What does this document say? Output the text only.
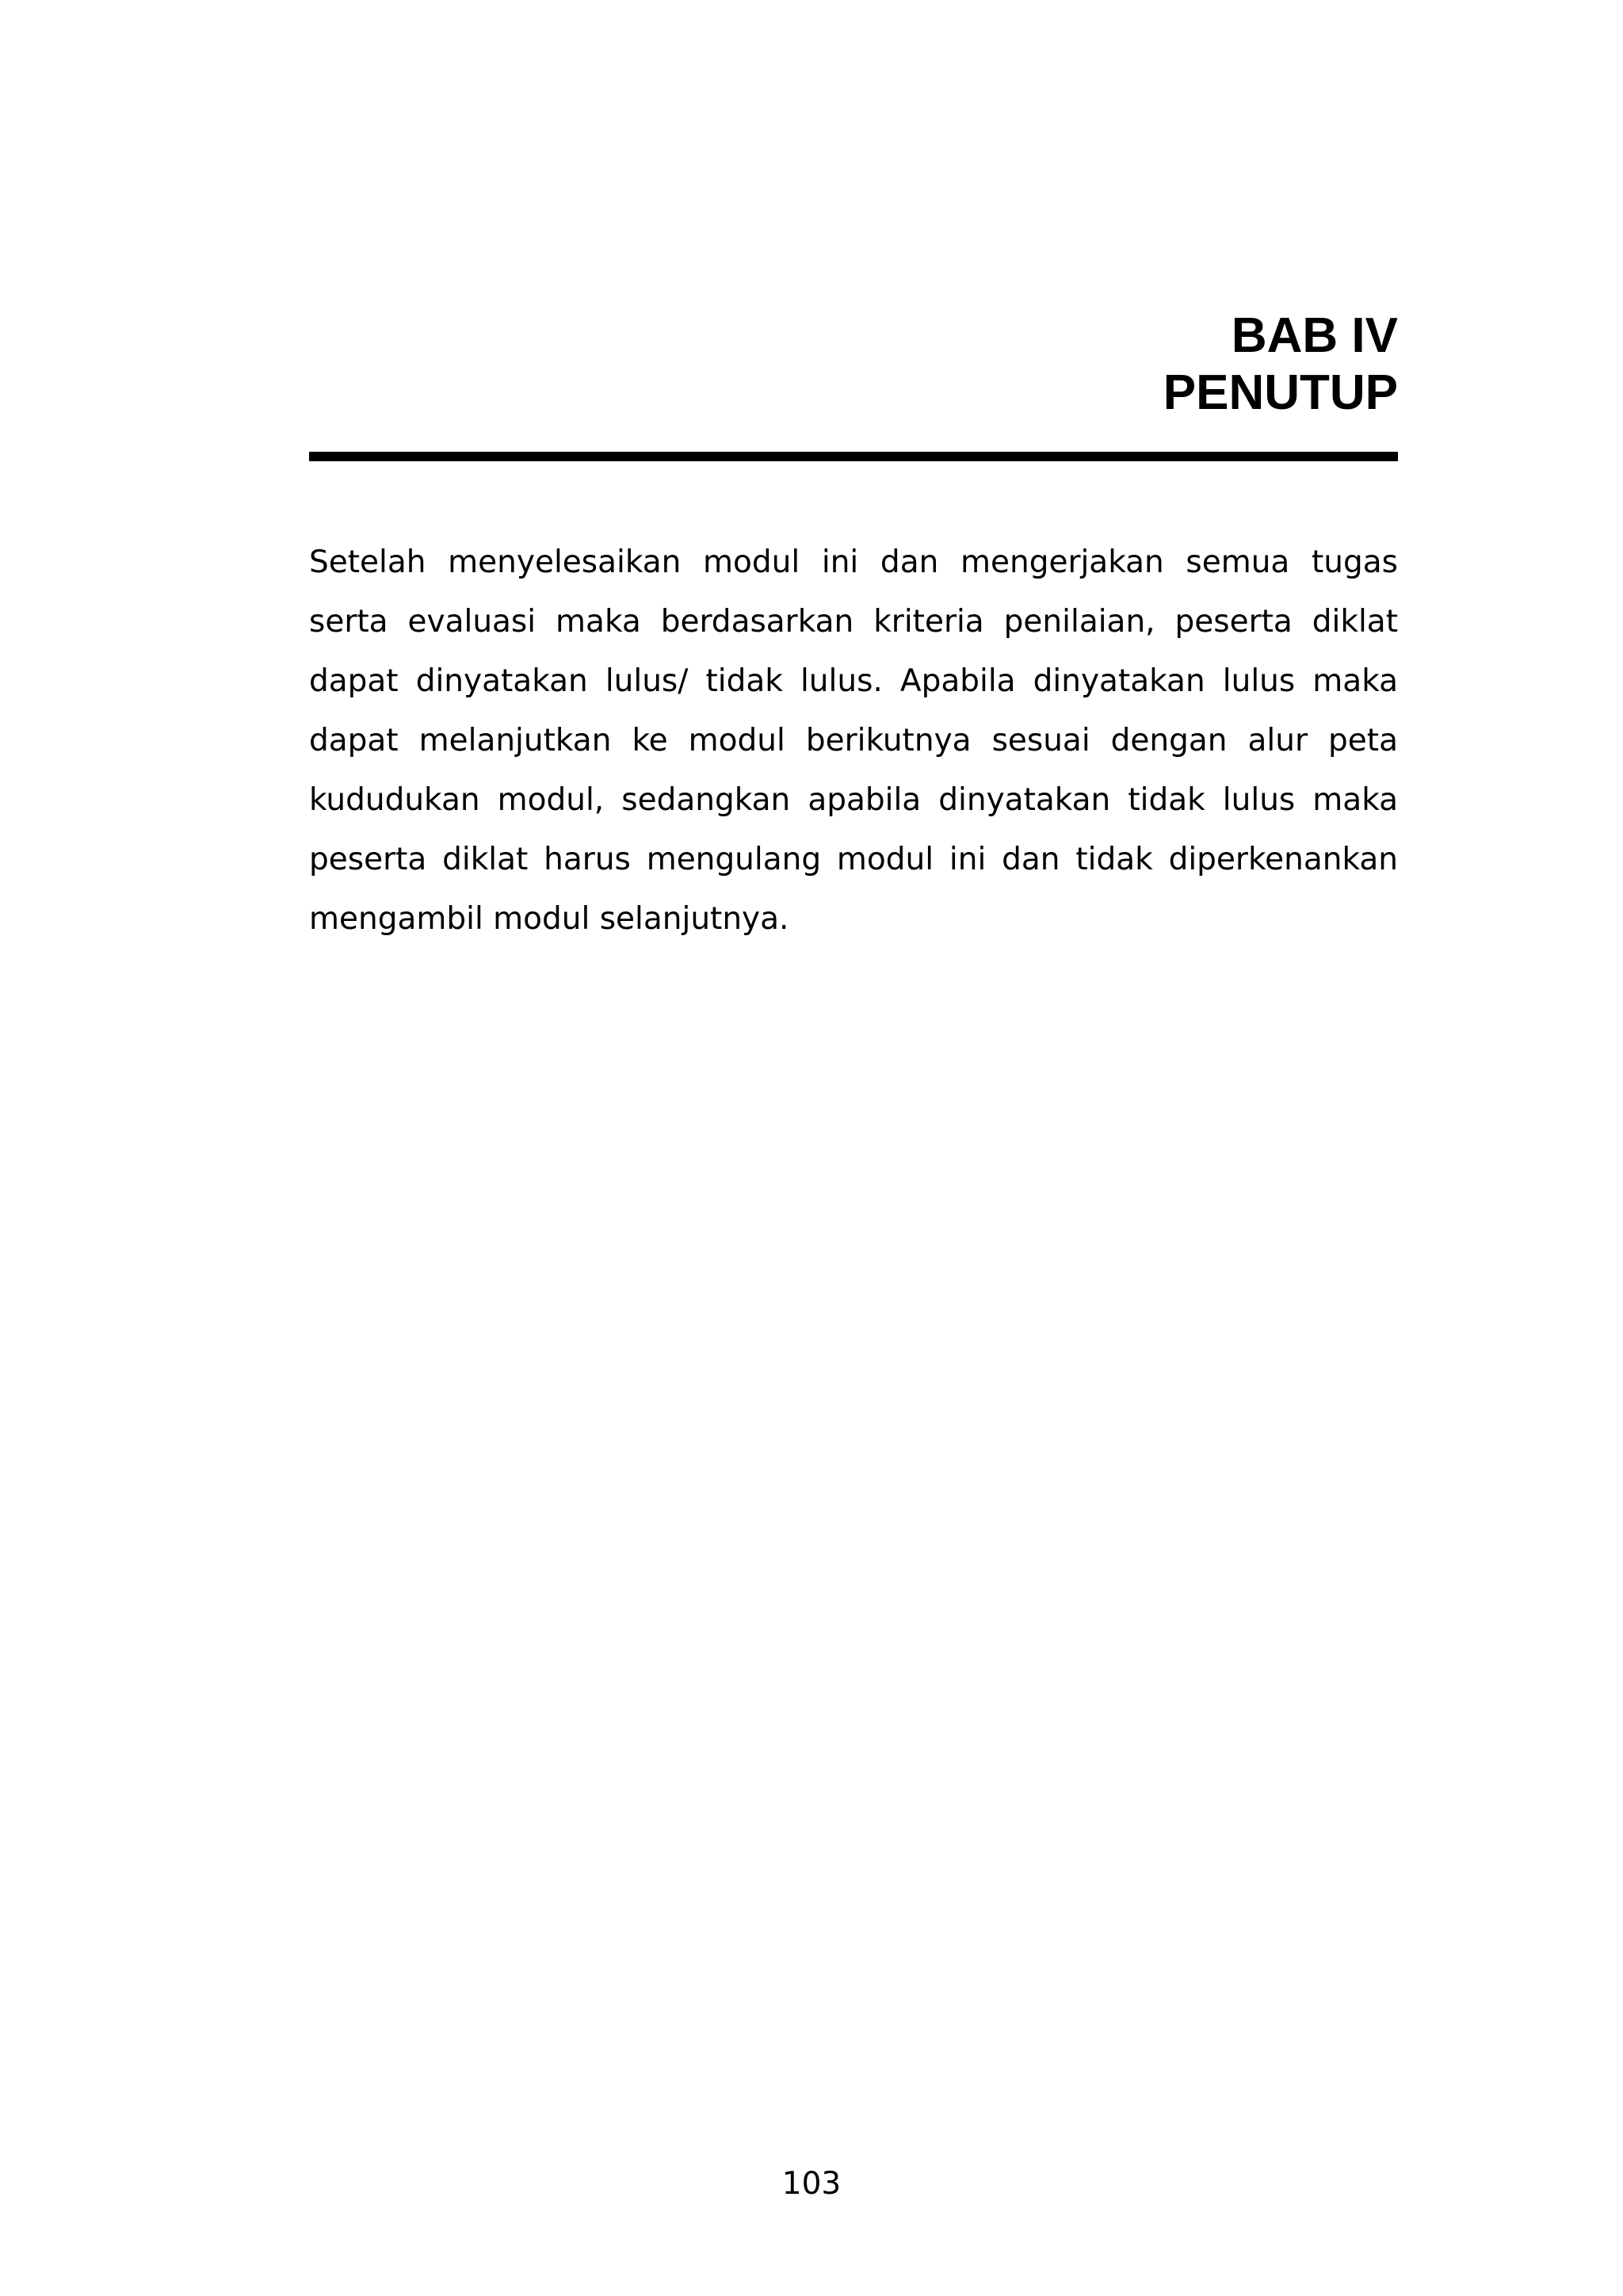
BAB IV
PENUTUP

Setelah menyelesaikan modul ini dan mengerjakan semua tugas serta evaluasi maka berdasarkan kriteria penilaian, peserta diklat dapat dinyatakan lulus/ tidak lulus. Apabila dinyatakan lulus maka dapat melanjutkan ke modul berikutnya sesuai dengan alur peta kududukan modul, sedangkan apabila dinyatakan tidak lulus maka peserta diklat harus mengulang modul ini dan tidak diperkenankan mengambil modul selanjutnya.

103
